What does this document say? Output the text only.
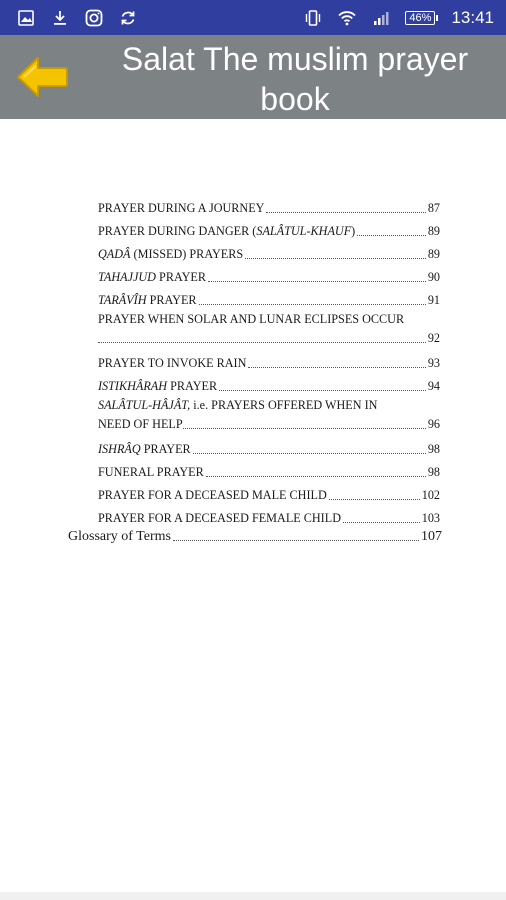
46% 13:41
Salat The muslim prayer book
PRAYER DURING A JOURNEY	87
PRAYER DURING DANGER (SALÂTUL-KHAUF)	89
QADÂ (MISSED) PRAYERS	89
TAHAJJUD PRAYER	90
TARÂVÎH PRAYER	91
PRAYER WHEN SOLAR AND LUNAR ECLIPSES OCCUR
92
PRAYER TO INVOKE RAIN	93
ISTIKHÂRAH PRAYER	94
SALÂTUL-HÂJÂT, i.e. PRAYERS OFFERED WHEN IN
NEED OF HELP	96
ISHRÂQ PRAYER	98
FUNERAL PRAYER	98
PRAYER FOR A DECEASED MALE CHILD	102
PRAYER FOR A DECEASED FEMALE CHILD	103
Glossary of Terms	107
